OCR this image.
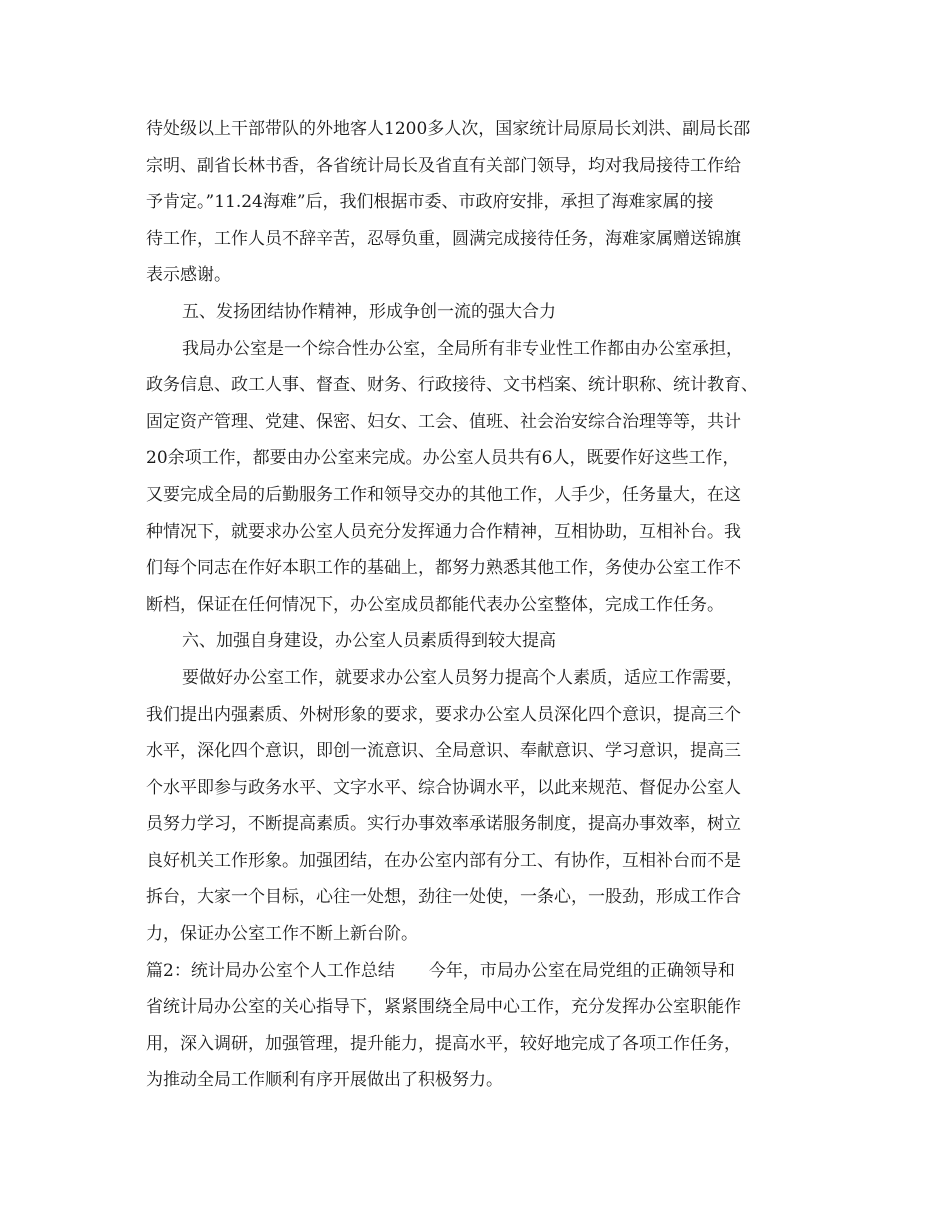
待处级以上干部带队的外地客人1200多人次，国家统计局原局长刘洪、副局长邵
宗明、副省长林书香，各省统计局长及省直有关部门领导，均对我局接待工作给
予肯定。”11.24海难”后，我们根据市委、市政府安排，承担了海难家属的接
待工作，工作人员不辞辛苦，忍辱负重，圆满完成接待任务，海难家属赠送锦旗
表示感谢。
五、发扬团结协作精神，形成争创一流的强大合力
我局办公室是一个综合性办公室，全局所有非专业性工作都由办公室承担，
政务信息、政工人事、督查、财务、行政接待、文书档案、统计职称、统计教育、
固定资产管理、党建、保密、妇女、工会、值班、社会治安综合治理等等，共计
20余项工作，都要由办公室来完成。办公室人员共有6人，既要作好这些工作，
又要完成全局的后勤服务工作和领导交办的其他工作，人手少，任务量大，在这
种情况下，就要求办公室人员充分发挥通力合作精神，互相协助，互相补台。我
们每个同志在作好本职工作的基础上，都努力熟悉其他工作，务使办公室工作不
断档，保证在任何情况下，办公室成员都能代表办公室整体，完成工作任务。
六、加强自身建设，办公室人员素质得到较大提高
要做好办公室工作，就要求办公室人员努力提高个人素质，适应工作需要，
我们提出内强素质、外树形象的要求，要求办公室人员深化四个意识，提高三个
水平，深化四个意识，即创一流意识、全局意识、奉献意识、学习意识，提高三
个水平即参与政务水平、文字水平、综合协调水平，以此来规范、督促办公室人
员努力学习，不断提高素质。实行办事效率承诺服务制度，提高办事效率，树立
良好机关工作形象。加强团结，在办公室内部有分工、有协作，互相补台而不是
拆台，大家一个目标，心往一处想，劲往一处使，一条心，一股劲，形成工作合
力，保证办公室工作不断上新台阶。
篇2：统计局办公室个人工作总结　　今年，市局办公室在局党组的正确领导和
省统计局办公室的关心指导下，紧紧围绕全局中心工作，充分发挥办公室职能作
用，深入调研，加强管理，提升能力，提高水平，较好地完成了各项工作任务，
为推动全局工作顺利有序开展做出了积极努力。
